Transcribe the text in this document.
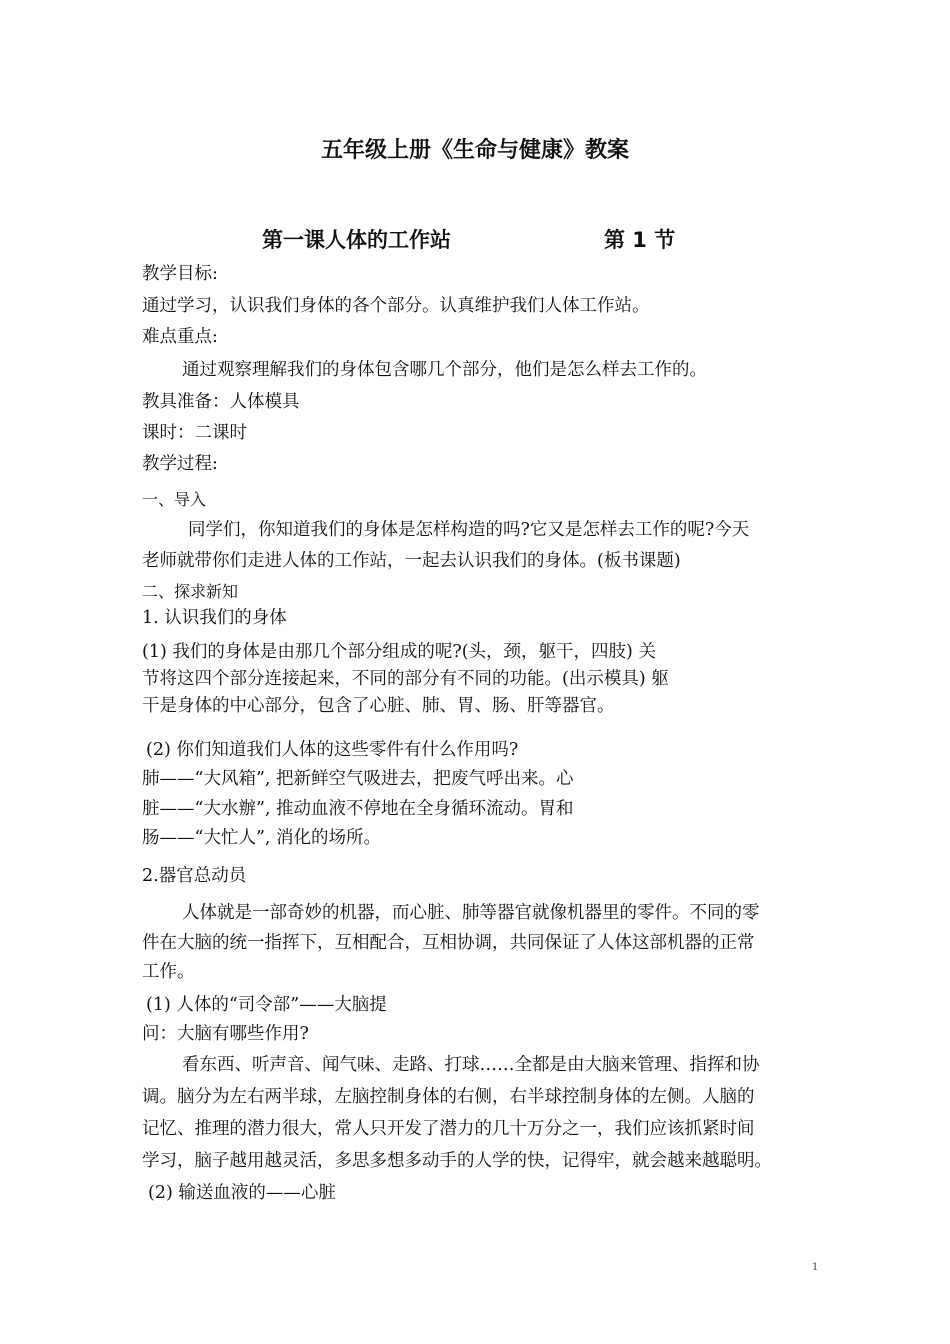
五年级上册《生命与健康》教案
第一课人体的工作站	第 1 节
教学目标:
通过学习，认识我们身体的各个部分。认真维护我们人体工作站。
难点重点:
通过观察理解我们的身体包含哪几个部分，他们是怎么样去工作的。
教具准备：人体模具
课时：二课时
教学过程:
一、导入
同学们，你知道我们的身体是怎样构造的吗?它又是怎样去工作的呢?今天
老师就带你们走进人体的工作站，一起去认识我们的身体。(板书课题)
二、探求新知
1. 认识我们的身体
(1) 我们的身体是由那几个部分组成的呢?(头，颈，躯干，四肢) 关
节将这四个部分连接起来，不同的部分有不同的功能。(出示模具) 躯
干是身体的中心部分，包含了心脏、肺、胃、肠、肝等器官。
(2) 你们知道我们人体的这些零件有什么作用吗?
肺——“大风箱”, 把新鲜空气吸进去，把废气呼出来。心
脏——“大水辦”, 推动血液不停地在全身循环流动。胃和
肠——“大忙人”, 消化的场所。
2.器官总动员
人体就是一部奇妙的机器，而心脏、肺等器官就像机器里的零件。不同的零
件在大脑的统一指挥下，互相配合，互相协调，共同保证了人体这部机器的正常
工作。
(1) 人体的“司令部”——大脑提
问：大脑有哪些作用?
看东西、听声音、闻气味、走路、打球……全都是由大脑来管理、指挥和协
调。脑分为左右两半球，左脑控制身体的右侧，右半球控制身体的左侧。人脑的
记忆、推理的潜力很大，常人只开发了潜力的几十万分之一，我们应该抓紧时间
学习，脑子越用越灵活，多思多想多动手的人学的快，记得牢，就会越来越聪明。
(2) 输送血液的——心脏
1
